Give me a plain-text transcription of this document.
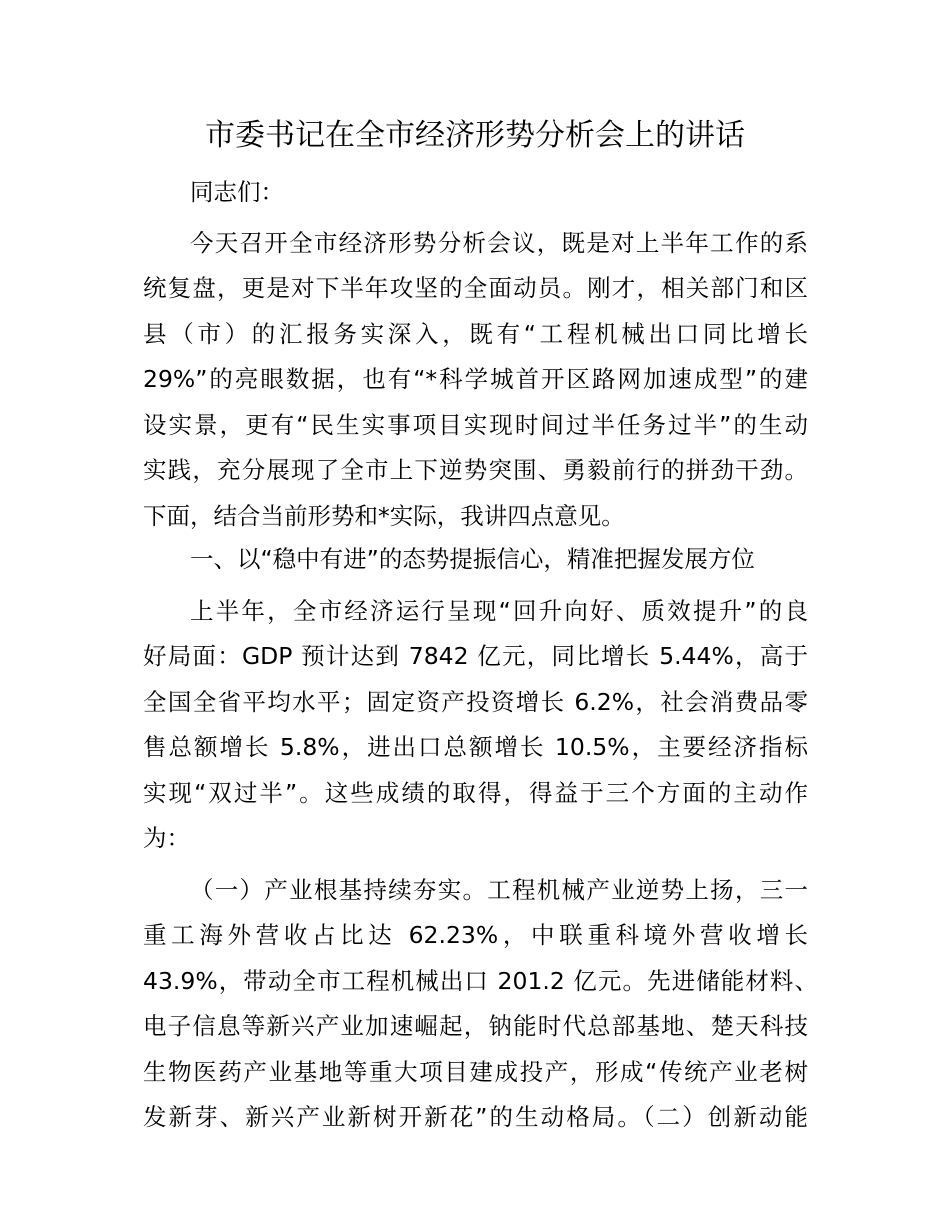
市委书记在全市经济形势分析会上的讲话
同志们：
今天召开全市经济形势分析会议，既是对上半年工作的系
统复盘，更是对下半年攻坚的全面动员。刚才，相关部门和区
县（市）的汇报务实深入，既有“工程机械出口同比增长
29%”的亮眼数据，也有“*科学城首开区路网加速成型”的建
设实景，更有“民生实事项目实现时间过半任务过半”的生动
实践，充分展现了全市上下逆势突围、勇毅前行的拼劲干劲。
下面，结合当前形势和*实际，我讲四点意见。
一、以“稳中有进”的态势提振信心，精准把握发展方位
上半年，全市经济运行呈现“回升向好、质效提升”的良
好局面：GDP 预计达到 7842 亿元，同比增长 5.44%，高于
全国全省平均水平；固定资产投资增长 6.2%，社会消费品零
售总额增长 5.8%，进出口总额增长 10.5%，主要经济指标
实现“双过半”。这些成绩的取得，得益于三个方面的主动作
为：
（一）产业根基持续夯实。工程机械产业逆势上扬，三一
重工海外营收占比达 62.23%，中联重科境外营收增长
43.9%，带动全市工程机械出口 201.2 亿元。先进储能材料、
电子信息等新兴产业加速崛起，钠能时代总部基地、楚天科技
生物医药产业基地等重大项目建成投产，形成“传统产业老树
发新芽、新兴产业新树开新花”的生动格局。（二）创新动能
